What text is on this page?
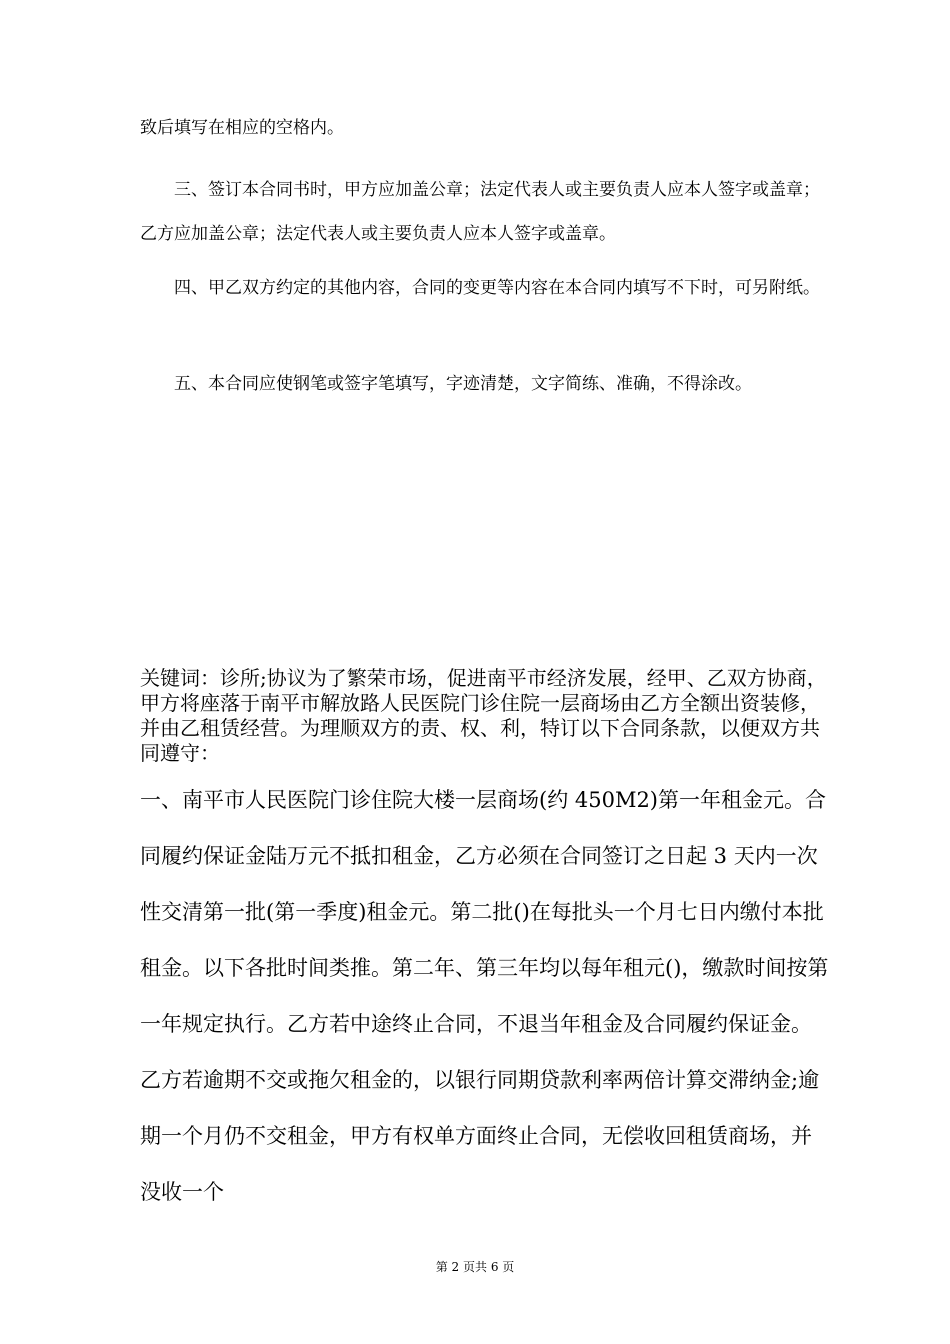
致后填写在相应的空格内。

三、签订本合同书时，甲方应加盖公章；法定代表人或主要负责人应本人签字或盖章；乙方应加盖公章；法定代表人或主要负责人应本人签字或盖章。

四、甲乙双方约定的其他内容，合同的变更等内容在本合同内填写不下时，可另附纸。

五、本合同应使钢笔或签字笔填写，字迹清楚，文字简练、准确，不得涂改。

关键词：诊所;协议为了繁荣市场，促进南平市经济发展，经甲、乙双方协商，甲方将座落于南平市解放路人民医院门诊住院一层商场由乙方全额出资装修，并由乙租赁经营。为理顺双方的责、权、利，特订以下合同条款，以便双方共同遵守：

一、南平市人民医院门诊住院大楼一层商场(约 450M2)第一年租金元。合同履约保证金陆万元不抵扣租金，乙方必须在合同签订之日起 3 天内一次性交清第一批(第一季度)租金元。第二批()在每批头一个月七日内缴付本批租金。以下各批时间类推。第二年、第三年均以每年租元()，缴款时间按第一年规定执行。乙方若中途终止合同，不退当年租金及合同履约保证金。乙方若逾期不交或拖欠租金的，以银行同期贷款利率两倍计算交滞纳金;逾期一个月仍不交租金，甲方有权单方面终止合同，无偿收回租赁商场，并没收一个

第 2 页共 6 页
